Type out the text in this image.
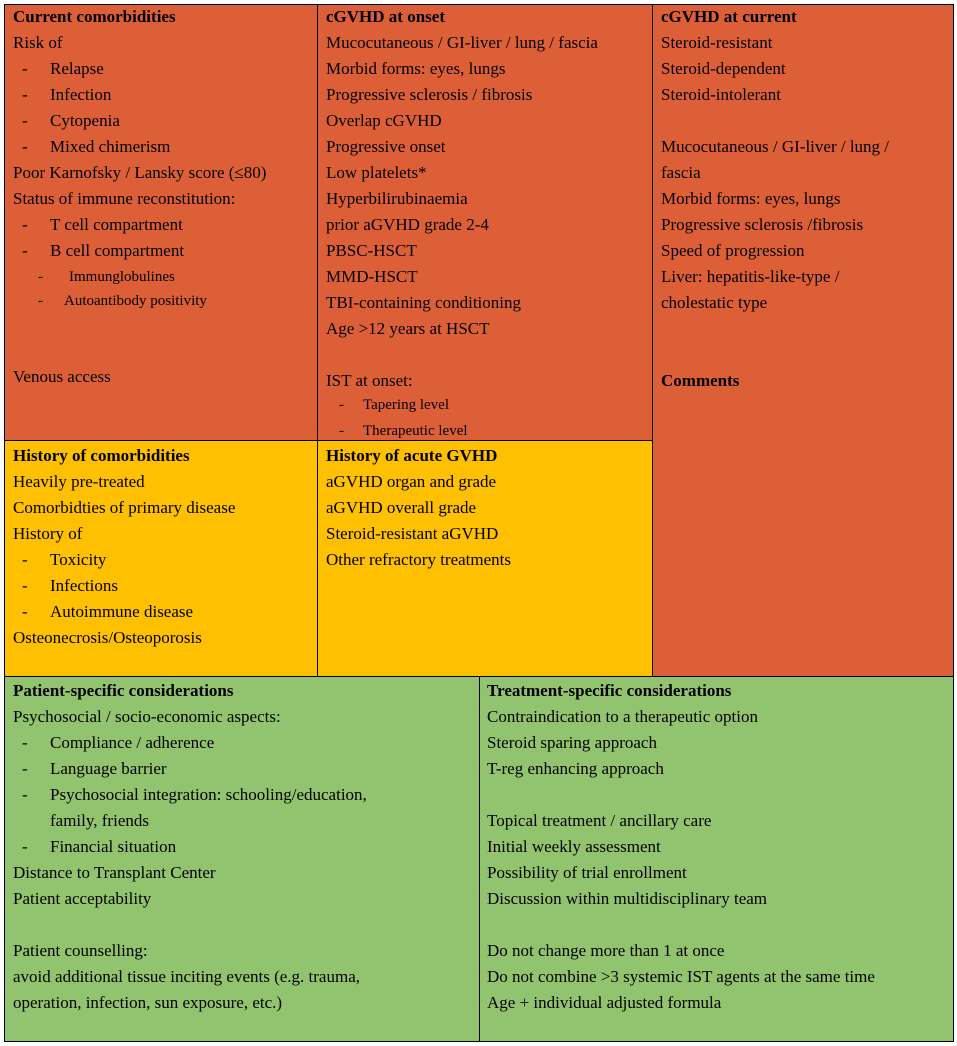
Current comorbidities
Risk of
- Relapse
- Infection
- Cytopenia
- Mixed chimerism
Poor Karnofsky / Lansky score (≤80)
Status of immune reconstitution:
- T cell compartment
- B cell compartment
- Immunglobulines
- Autoantibody positivity
Venous access
cGVHD at onset
Mucocutaneous / GI-liver / lung / fascia
Morbid forms: eyes, lungs
Progressive sclerosis / fibrosis
Overlap cGVHD
Progressive onset
Low platelets*
Hyperbilirubinaemia
prior aGVHD grade 2-4
PBSC-HSCT
MMD-HSCT
TBI-containing conditioning
Age >12 years at HSCT
IST at onset:
- Tapering level
- Therapeutic level
cGVHD at current
Steroid-resistant
Steroid-dependent
Steroid-intolerant
Mucocutaneous / GI-liver / lung /
fascia
Morbid forms: eyes, lungs
Progressive sclerosis /fibrosis
Speed of progression
Liver: hepatitis-like-type /
cholestatic type
Comments
History of comorbidities
Heavily pre-treated
Comorbidties of primary disease
History of
- Toxicity
- Infections
- Autoimmune disease
Osteonecrosis/Osteoporosis
History of acute GVHD
aGVHD organ and grade
aGVHD overall grade
Steroid-resistant aGVHD
Other refractory treatments
Patient-specific considerations
Psychosocial / socio-economic aspects:
- Compliance / adherence
- Language barrier
- Psychosocial integration: schooling/education,
family, friends
- Financial situation
Distance to Transplant Center
Patient acceptability
Patient counselling:
avoid additional tissue inciting events (e.g. trauma,
operation, infection, sun exposure, etc.)
Treatment-specific considerations
Contraindication to a therapeutic option
Steroid sparing approach
T-reg enhancing approach
Topical treatment / ancillary care
Initial weekly assessment
Possibility of trial enrollment
Discussion within multidisciplinary team
Do not change more than 1 at once
Do not combine >3 systemic IST agents at the same time
Age + individual adjusted formula
